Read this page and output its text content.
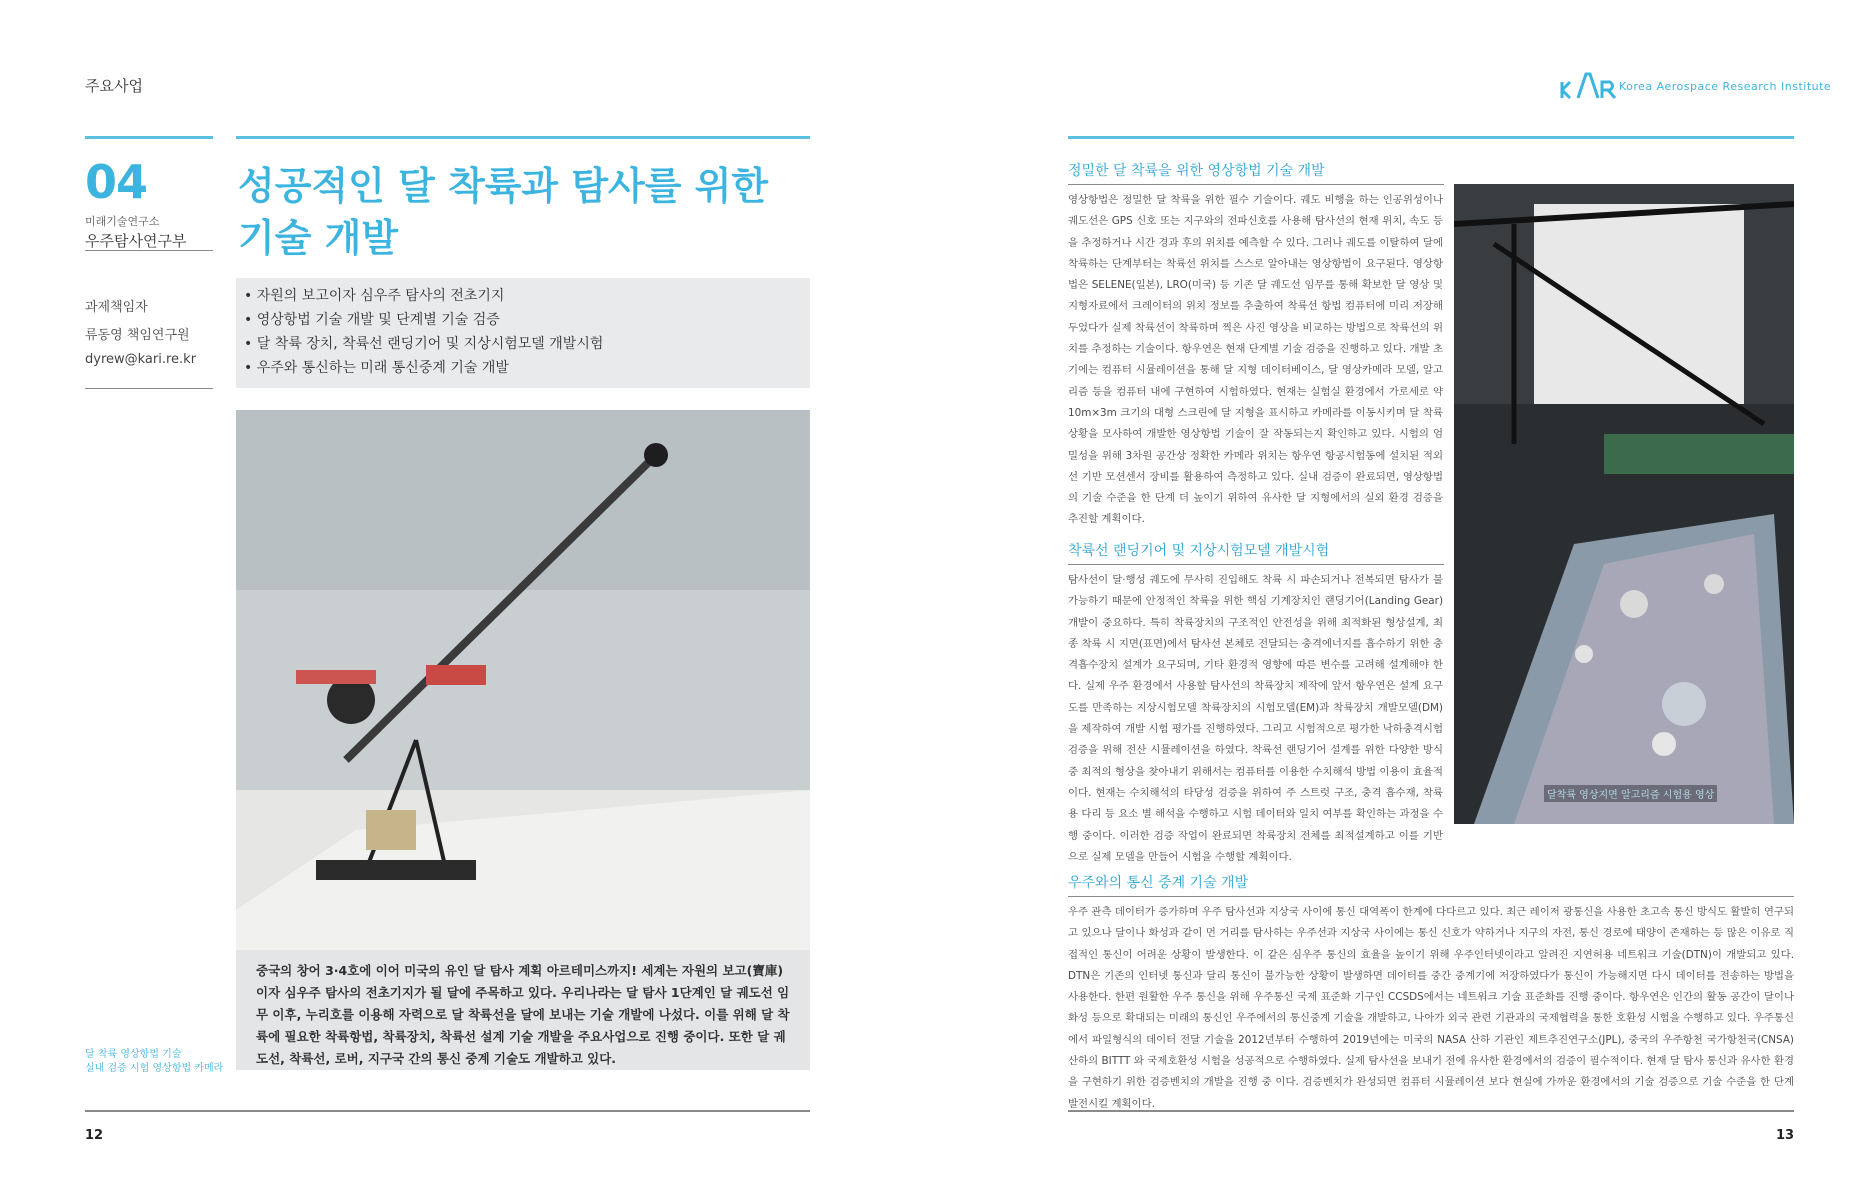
주요사업	Korea Aerospace Research Institute
04
미래기술연구소
우주탐사연구부
과제책임자
류동영 책임연구원
dyrew@kari.re.kr
성공적인 달 착륙과 탐사를 위한
기술 개발
• 자원의 보고이자 심우주 탐사의 전초기지
• 영상항법 기술 개발 및 단계별 기술 검증
• 달 착륙 장치, 착륙선 랜딩기어 및 지상시험모델 개발시험
• 우주와 통신하는 미래 통신중계 기술 개발

중국의 창어 3·4호에 이어 미국의 유인 달 탐사 계획 아르테미스까지! 세계는 자원의 보고(寶庫)이자 심우주 탐사의 전초기지가 될 달에 주목하고 있다. 우리나라는 달 탐사 1단계인 달 궤도선 임무 이후, 누리호를 이용해 자력으로 달 착륙선을 달에 보내는 기술 개발에 나섰다. 이를 위해 달 착륙에 필요한 착륙항법, 착륙장치, 착륙선 설계 기술 개발을 주요사업으로 진행 중이다. 또한 달 궤도선, 착륙선, 로버, 지구국 간의 통신 중계 기술도 개발하고 있다.

달 착륙 영상항법 기술
실내 검증 시험 영상항법 카메라
12
정밀한 달 착륙을 위한 영상항법 기술 개발

영상항법은 정밀한 달 착륙을 위한 필수 기술이다. 궤도 비행을 하는 인공위성이나 궤도선은 GPS 신호 또는 지구와의 전파신호를 사용해 탐사선의 현재 위치, 속도 등을 추정하거나 시간 경과 후의 위치를 예측할 수 있다. 그러나 궤도를 이탈하여 달에 착륙하는 단계부터는 착륙선 위치를 스스로 알아내는 영상항법이 요구된다. 영상항법은 SELENE(일본), LRO(미국) 등 기존 달 궤도선 임무를 통해 확보한 달 영상 및 지형자료에서 크레이터의 위치 정보를 추출하여 착륙선 항법 컴퓨터에 미리 저장해 두었다가 실제 착륙선이 착륙하며 찍은 사진 영상을 비교하는 방법으로 착륙선의 위치를 추정하는 기술이다. 항우연은 현재 단계별 기술 검증을 진행하고 있다. 개발 초기에는 컴퓨터 시뮬레이션을 통해 달 지형 데이터베이스, 달 영상카메라 모델, 알고리즘 등을 컴퓨터 내에 구현하여 시험하였다. 현재는 실험실 환경에서 가로세로 약 10m×3m 크기의 대형 스크린에 달 지형을 표시하고 카메라를 이동시키며 달 착륙 상황을 모사하여 개발한 영상항법 기술이 잘 작동되는지 확인하고 있다. 시험의 엄밀성을 위해 3차원 공간상 정확한 카메라 위치는 항우연 항공시험동에 설치된 적외선 기반 모션센서 장비를 활용하여 측정하고 있다. 실내 검증이 완료되면, 영상항법의 기술 수준을 한 단계 더 높이기 위하여 유사한 달 지형에서의 실외 환경 검증을 추진할 계획이다.

착륙선 랜딩기어 및 지상시험모델 개발시험

탐사선이 달·행성 궤도에 무사히 진입해도 착륙 시 파손되거나 전복되면 탐사가 불가능하기 때문에 안정적인 착륙을 위한 핵심 기계장치인 랜딩기어(Landing Gear) 개발이 중요하다. 특히 착륙장치의 구조적인 안전성을 위해 최적화된 형상설계, 최종 착륙 시 지면(표면)에서 탐사선 본체로 전달되는 충격에너지를 흡수하기 위한 충격흡수장치 설계가 요구되며, 기타 환경적 영향에 따른 변수를 고려해 설계해야 한다. 실제 우주 환경에서 사용할 탐사선의 착륙장치 제작에 앞서 항우연은 설계 요구도를 만족하는 지상시험모델 착륙장치의 시험모델(EM)과 착륙장치 개발모델(DM)을 제작하여 개발 시험 평가를 진행하였다. 그리고 시험적으로 평가한 낙하충격시험 검증을 위해 전산 시뮬레이션을 하였다. 착륙선 랜딩기어 설계를 위한 다양한 방식 중 최적의 형상을 찾아내기 위해서는 컴퓨터를 이용한 수치해석 방법 이용이 효율적이다. 현재는 수치해석의 타당성 검증을 위하여 주 스트럿 구조, 충격 흡수재, 착륙용 다리 등 요소 별 해석을 수행하고 시험 데이터와 일치 여부를 확인하는 과정을 수행 중이다. 이러한 검증 작업이 완료되면 착륙장치 전체를 최적설계하고 이를 기반으로 실제 모델을 만들어 시험을 수행할 계획이다.

달착륙 영상지면 알고리즘 시험용 영상
우주와의 통신 중계 기술 개발

우주 관측 데이터가 증가하며 우주 탐사선과 지상국 사이에 통신 대역폭이 한계에 다다르고 있다. 최근 레이저 광통신을 사용한 초고속 통신 방식도 활발히 연구되고 있으나 달이나 화성과 같이 먼 거리를 탐사하는 우주선과 지상국 사이에는 통신 신호가 약하거나 지구의 자전, 통신 경로에 태양이 존재하는 등 많은 이유로 직접적인 통신이 어려운 상황이 발생한다. 이 같은 심우주 통신의 효율을 높이기 위해 우주인터넷이라고 알려진 지연허용 네트워크 기술(DTN)이 개발되고 있다. DTN은 기존의 인터넷 통신과 달리 통신이 불가능한 상황이 발생하면 데이터를 중간 중계기에 저장하였다가 통신이 가능해지면 다시 데이터를 전송하는 방법을 사용한다. 한편 원활한 우주 통신을 위해 우주통신 국제 표준화 기구인 CCSDS에서는 네트워크 기술 표준화를 진행 중이다. 항우연은 인간의 활동 공간이 달이나 화성 등으로 확대되는 미래의 통신인 우주에서의 통신중계 기술을 개발하고, 나아가 외국 관련 기관과의 국제협력을 통한 호환성 시험을 수행하고 있다. 우주통신에서 파일형식의 데이터 전달 기술을 2012년부터 수행하여 2019년에는 미국의 NASA 산하 기관인 제트추진연구소(JPL), 중국의 우주항천 국가항천국(CNSA) 산하의 BITTT 와 국제호환성 시험을 성공적으로 수행하였다. 실제 탐사선을 보내기 전에 유사한 환경에서의 검증이 필수적이다. 현재 달 탐사 통신과 유사한 환경을 구현하기 위한 검증벤치의 개발을 진행 중 이다. 검증벤치가 완성되면 컴퓨터 시뮬레이션 보다 현실에 가까운 환경에서의 기술 검증으로 기술 수준을 한 단계 발전시킬 계획이다.

13
